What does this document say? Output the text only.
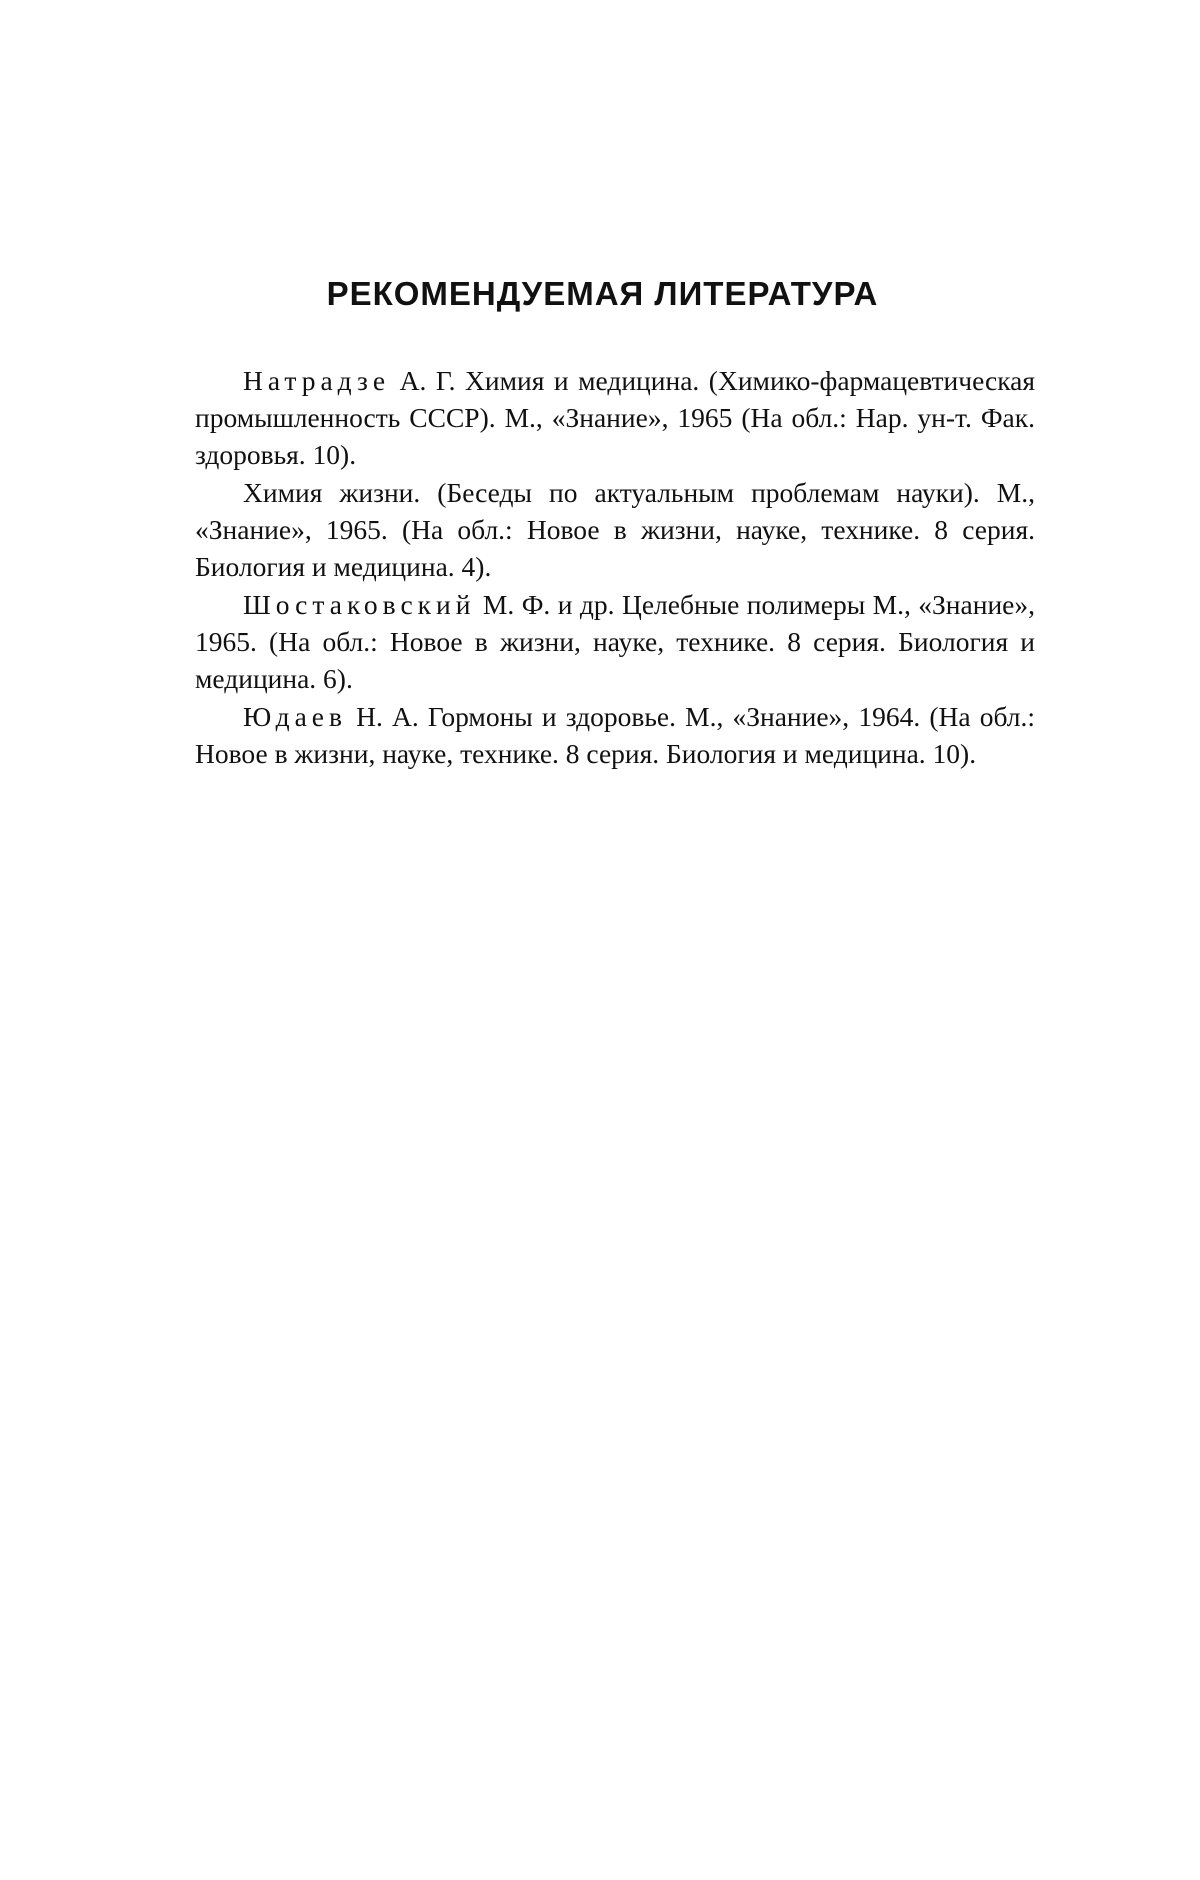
РЕКОМЕНДУЕМАЯ ЛИТЕРАТУРА

Натрадзе А. Г. Химия и медицина. (Химико-фармацевтическая промышленность СССР). М., «Знание», 1965 (На обл.: Нар. ун-т. Фак. здоровья. 10).

Химия жизни. (Беседы по актуальным проблемам науки). М., «Знание», 1965. (На обл.: Новое в жизни, науке, технике. 8 серия. Биология и медицина. 4).

Шостаковский М. Ф. и др. Целебные полимеры М., «Знание», 1965. (На обл.: Новое в жизни, науке, технике. 8 серия. Биология и медицина. 6).

Юдаев Н. А. Гормоны и здоровье. М., «Знание», 1964. (На обл.: Новое в жизни, науке, технике. 8 серия. Биология и медицина. 10).
